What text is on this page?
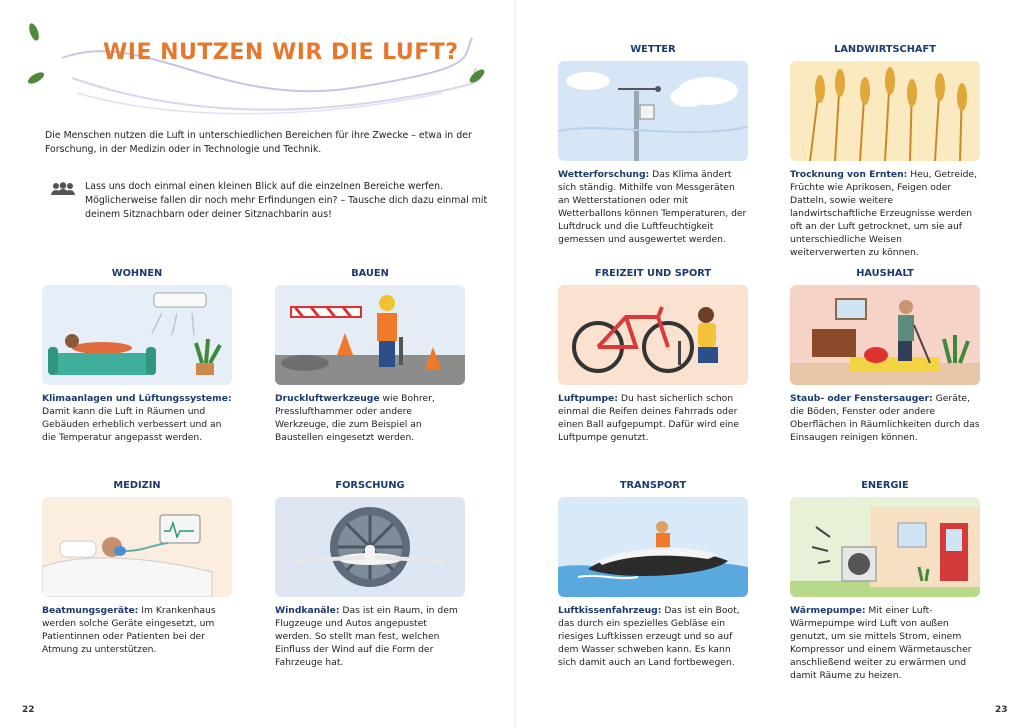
WIE NUTZEN WIR DIE LUFT?
Die Menschen nutzen die Luft in unterschiedlichen Bereichen für ihre Zwecke – etwa in der Forschung, in der Medizin oder in Technologie und Technik.
Lass uns doch einmal einen kleinen Blick auf die einzelnen Bereiche werfen. Möglicherweise fallen dir noch mehr Erfindungen ein? – Tausche dich dazu einmal mit deinem Sitznachbarn oder deiner Sitznachbarin aus!
WOHNEN
Klimaanlagen und Lüftungssysteme: Damit kann die Luft in Räumen und Gebäuden erheblich verbessert und an die Temperatur angepasst werden.
BAUEN
Druckluftwerkzeuge wie Bohrer, Presslufthammer oder andere Werkzeuge, die zum Beispiel an Baustellen eingesetzt werden.
MEDIZIN
Beatmungsgeräte: Im Krankenhaus werden solche Geräte eingesetzt, um Patientinnen oder Patienten bei der Atmung zu unterstützen.
FORSCHUNG
Windkanäle: Das ist ein Raum, in dem Flugzeuge und Autos angepustet werden. So stellt man fest, welchen Einfluss der Wind auf die Form der Fahrzeuge hat.
WETTER
Wetterforschung: Das Klima ändert sich ständig. Mithilfe von Messgeräten an Wetterstationen oder mit Wetterballons können Temperaturen, der Luftdruck und die Luftfeuchtigkeit gemessen und ausgewertet werden.
LANDWIRTSCHAFT
Trocknung von Ernten: Heu, Getreide, Früchte wie Aprikosen, Feigen oder Datteln, sowie weitere landwirtschaftliche Erzeugnisse werden oft an der Luft getrocknet, um sie auf unterschiedliche Weisen weiterverwerten zu können.
FREIZEIT UND SPORT
Luftpumpe: Du hast sicherlich schon einmal die Reifen deines Fahrrads oder einen Ball aufgepumpt. Dafür wird eine Luftpumpe genutzt.
HAUSHALT
Staub- oder Fenstersauger: Geräte, die Böden, Fenster oder andere Oberflächen in Räumlichkeiten durch das Einsaugen reinigen können.
TRANSPORT
Luftkissenfahrzeug: Das ist ein Boot, das durch ein spezielles Gebläse ein riesiges Luftkissen erzeugt und so auf dem Wasser schweben kann. Es kann sich damit auch an Land fortbewegen.
ENERGIE
Wärmepumpe: Mit einer Luft-Wärmepumpe wird Luft von außen genutzt, um sie mittels Strom, einem Kompressor und einem Wärmetauscher anschließend weiter zu erwärmen und damit Räume zu heizen.
22	23
